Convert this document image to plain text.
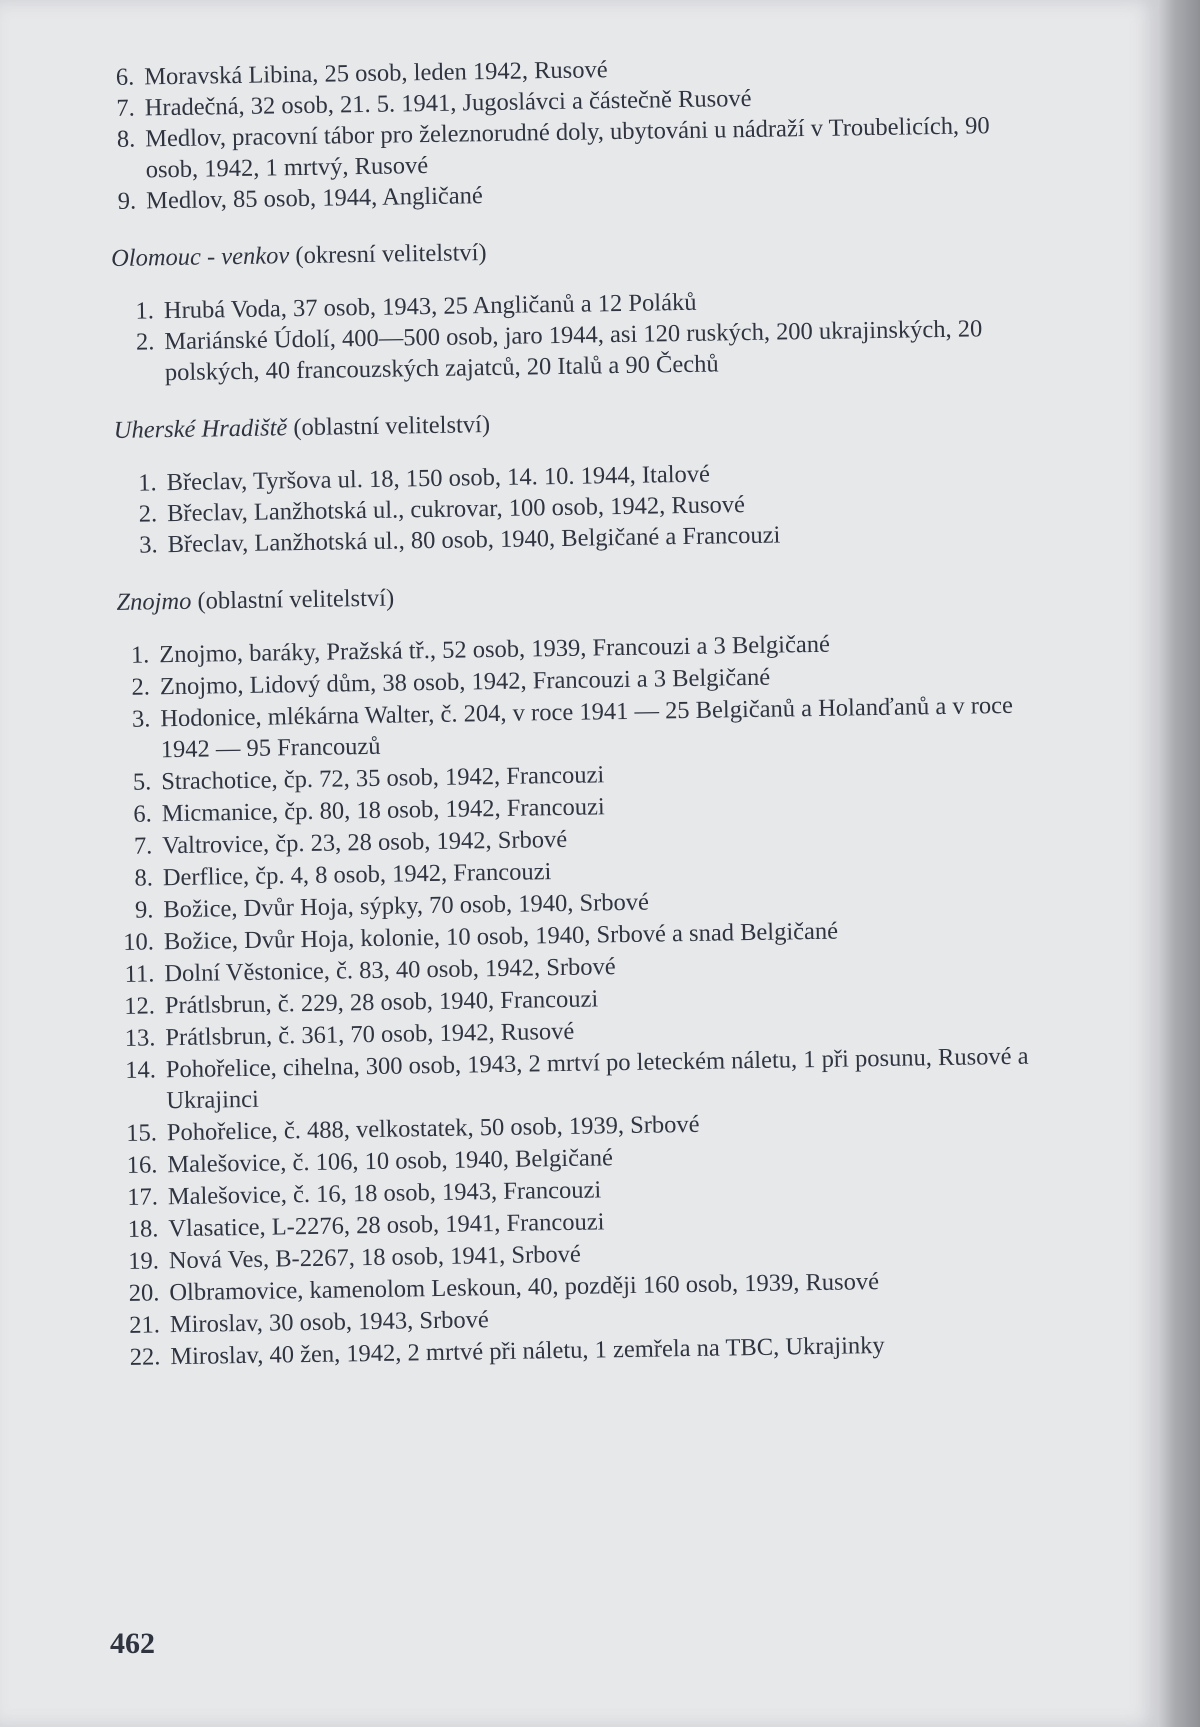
6. Moravská Libina, 25 osob, leden 1942, Rusové
7. Hradečná, 32 osob, 21. 5. 1941, Jugoslávci a částečně Rusové
8. Medlov, pracovní tábor pro železnorudné doly, ubytováni u nádraží v Troubelicích, 90 osob, 1942, 1 mrtvý, Rusové
9. Medlov, 85 osob, 1944, Angličané
Olomouc - venkov (okresní velitelství)
1. Hrubá Voda, 37 osob, 1943, 25 Angličanů a 12 Poláků
2. Mariánské Údolí, 400—500 osob, jaro 1944, asi 120 ruských, 200 ukrajinských, 20 polských, 40 francouzských zajatců, 20 Italů a 90 Čechů
Uherské Hradiště (oblastní velitelství)
1. Břeclav, Tyršova ul. 18, 150 osob, 14. 10. 1944, Italové
2. Břeclav, Lanžhotská ul., cukrovar, 100 osob, 1942, Rusové
3. Břeclav, Lanžhotská ul., 80 osob, 1940, Belgičané a Francouzi
Znojmo (oblastní velitelství)
1. Znojmo, baráky, Pražská tř., 52 osob, 1939, Francouzi a 3 Belgičané
2. Znojmo, Lidový dům, 38 osob, 1942, Francouzi a 3 Belgičané
3. Hodonice, mlékárna Walter, č. 204, v roce 1941 — 25 Belgičanů a Holanďanů a v roce 1942 — 95 Francouzů
5. Strachotice, čp. 72, 35 osob, 1942, Francouzi
6. Micmanice, čp. 80, 18 osob, 1942, Francouzi
7. Valtrovice, čp. 23, 28 osob, 1942, Srbové
8. Derflice, čp. 4, 8 osob, 1942, Francouzi
9. Božice, Dvůr Hoja, sýpky, 70 osob, 1940, Srbové
10. Božice, Dvůr Hoja, kolonie, 10 osob, 1940, Srbové a snad Belgičané
11. Dolní Věstonice, č. 83, 40 osob, 1942, Srbové
12. Prátlsbrun, č. 229, 28 osob, 1940, Francouzi
13. Prátlsbrun, č. 361, 70 osob, 1942, Rusové
14. Pohořelice, cihelna, 300 osob, 1943, 2 mrtví po leteckém náletu, 1 při posunu, Rusové a Ukrajinci
15. Pohořelice, č. 488, velkostatek, 50 osob, 1939, Srbové
16. Malešovice, č. 106, 10 osob, 1940, Belgičané
17. Malešovice, č. 16, 18 osob, 1943, Francouzi
18. Vlasatice, L-2276, 28 osob, 1941, Francouzi
19. Nová Ves, B-2267, 18 osob, 1941, Srbové
20. Olbramovice, kamenolom Leskoun, 40, později 160 osob, 1939, Rusové
21. Miroslav, 30 osob, 1943, Srbové
22. Miroslav, 40 žen, 1942, 2 mrtvé při náletu, 1 zemřela na TBC, Ukrajinky
462
